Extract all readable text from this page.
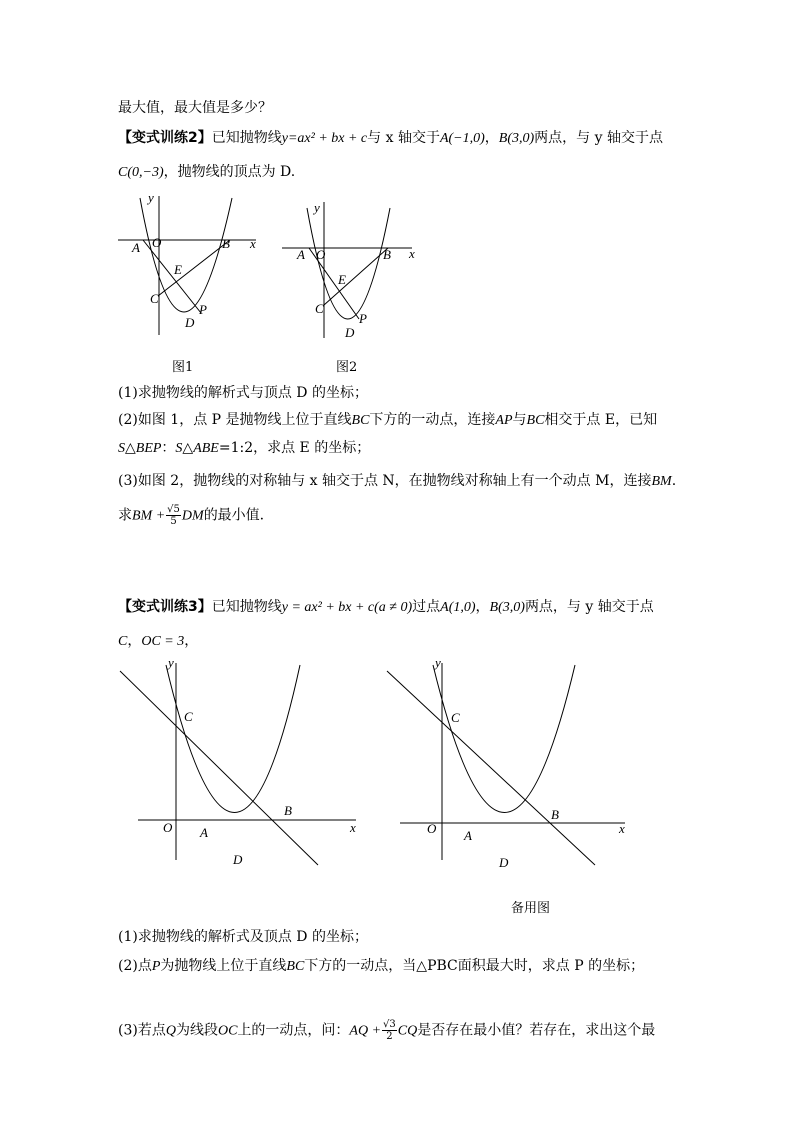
最大值，最大值是多少？
【变式训练2】已知抛物线y=ax² + bx + c与 x 轴交于A(−1,0)，B(3,0)两点，与 y 轴交于点
C(0,−3)，抛物线的顶点为 D.
y
x
A O	B
E
C
P
D
图1
y
x
A O	B
E
C
P
D
图2
(1)求抛物线的解析式与顶点 D 的坐标；
(2)如图 1，点 P 是抛物线上位于直线BC下方的一动点，连接AP与BC相交于点 E，已知
S△BEP：S△ABE=1:2，求点 E 的坐标；
(3)如图 2，抛物线的对称轴与 x 轴交于点 N，在抛物线对称轴上有一个动点 M，连接BM.
求BM + $\frac{√5}{5}$ DM的最小值.
【变式训练3】已知抛物线y = ax² + bx + c(a ≠ 0)过点A(1,0)，B(3,0)两点，与 y 轴交于点
C，OC = 3，
y
x
C
B
O A
D
y
x
C
B
O A
D
备用图
(1)求抛物线的解析式及顶点 D 的坐标；
(2)点P为抛物线上位于直线BC下方的一动点，当△PBC面积最大时，求点 P 的坐标；
(3)若点Q为线段OC上的一动点，问：AQ + $\frac{√3}{2}$ CQ是否存在最小值？若存在，求出这个最
